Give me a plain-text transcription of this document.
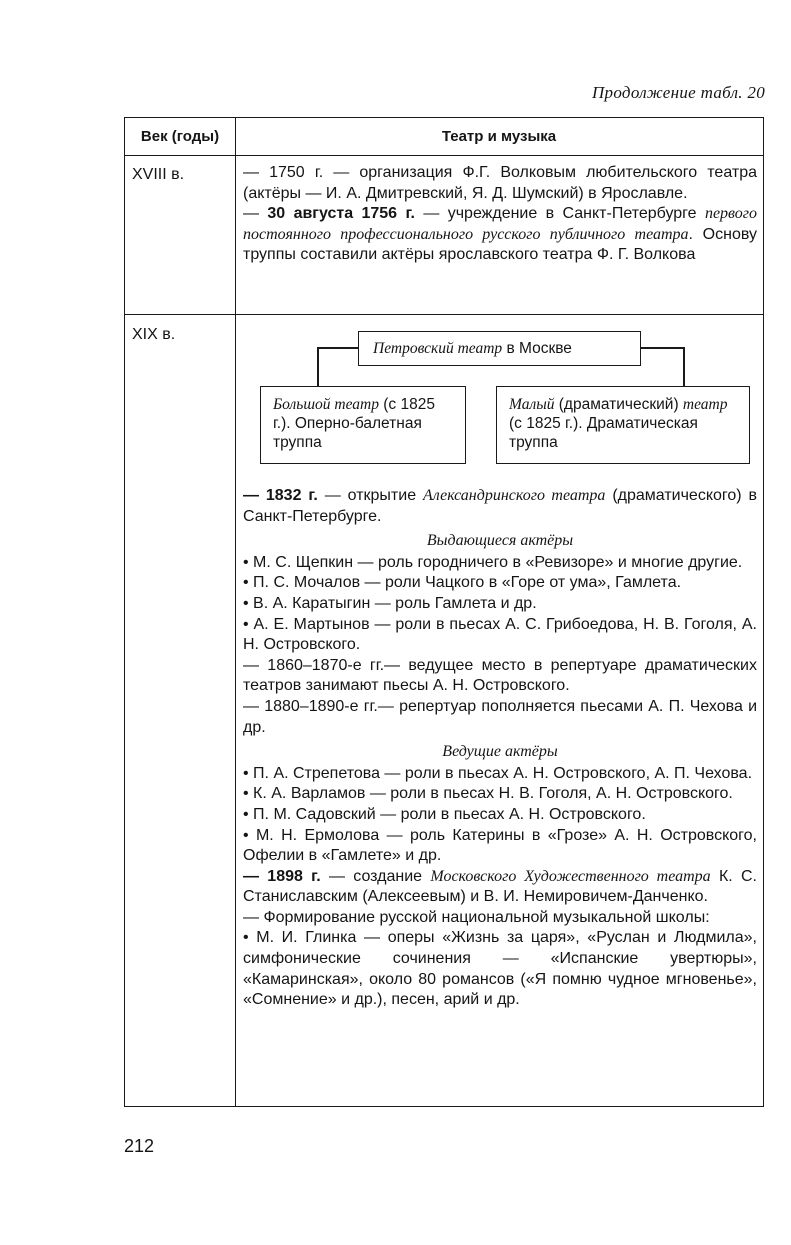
Продолжение табл. 20
Век (годы)	Театр и музыка
XVIII в.	— 1750 г. — организация Ф.Г. Волковым любительского театра (актёры — И. А. Дмитревский, Я. Д. Шумский) в Ярославле.

— 30 августа 1756 г. — учреждение в Санкт-Петербурге первого постоянного профессионального русского публичного театра. Основу труппы составили актёры ярославского театра Ф. Г. Волкова

XIX в.
Петровский театр в Москве
Большой театр (с 1825 г.). Оперно-балетная труппа
Малый (драматический) театр (с 1825 г.). Драматическая труппа

— 1832 г. — открытие Александринского театра (драматического) в Санкт-Петербурге.

Выдающиеся актёры

• М. С. Щепкин — роль городничего в «Ревизоре» и многие другие.

• П. С. Мочалов — роли Чацкого в «Горе от ума», Гамлета.

• В. А. Каратыгин — роль Гамлета и др.

• А. Е. Мартынов — роли в пьесах А. С. Грибоедова, Н. В. Гоголя, А. Н. Островского.

— 1860–1870-е гг.— ведущее место в репертуаре драматических театров занимают пьесы А. Н. Островского.

— 1880–1890-е гг.— репертуар пополняется пьесами А. П. Чехова и др.

Ведущие актёры

• П. А. Стрепетова — роли в пьесах А. Н. Островского, А. П. Чехова.

• К. А. Варламов — роли в пьесах Н. В. Гоголя, А. Н. Островского.

• П. М. Садовский — роли в пьесах А. Н. Островского.

• М. Н. Ермолова — роль Катерины в «Грозе» А. Н. Островского, Офелии в «Гамлете» и др.

— 1898 г. — создание Московского Художественного театра К. С. Станиславским (Алексеевым) и В. И. Немировичем-Данченко.

— Формирование русской национальной музыкальной школы:

• М. И. Глинка — оперы «Жизнь за царя», «Руслан и Людмила», симфонические сочинения — «Испанские увертюры», «Камаринская», около 80 романсов («Я помню чудное мгновенье», «Сомнение» и др.), песен, арий и др.

212
